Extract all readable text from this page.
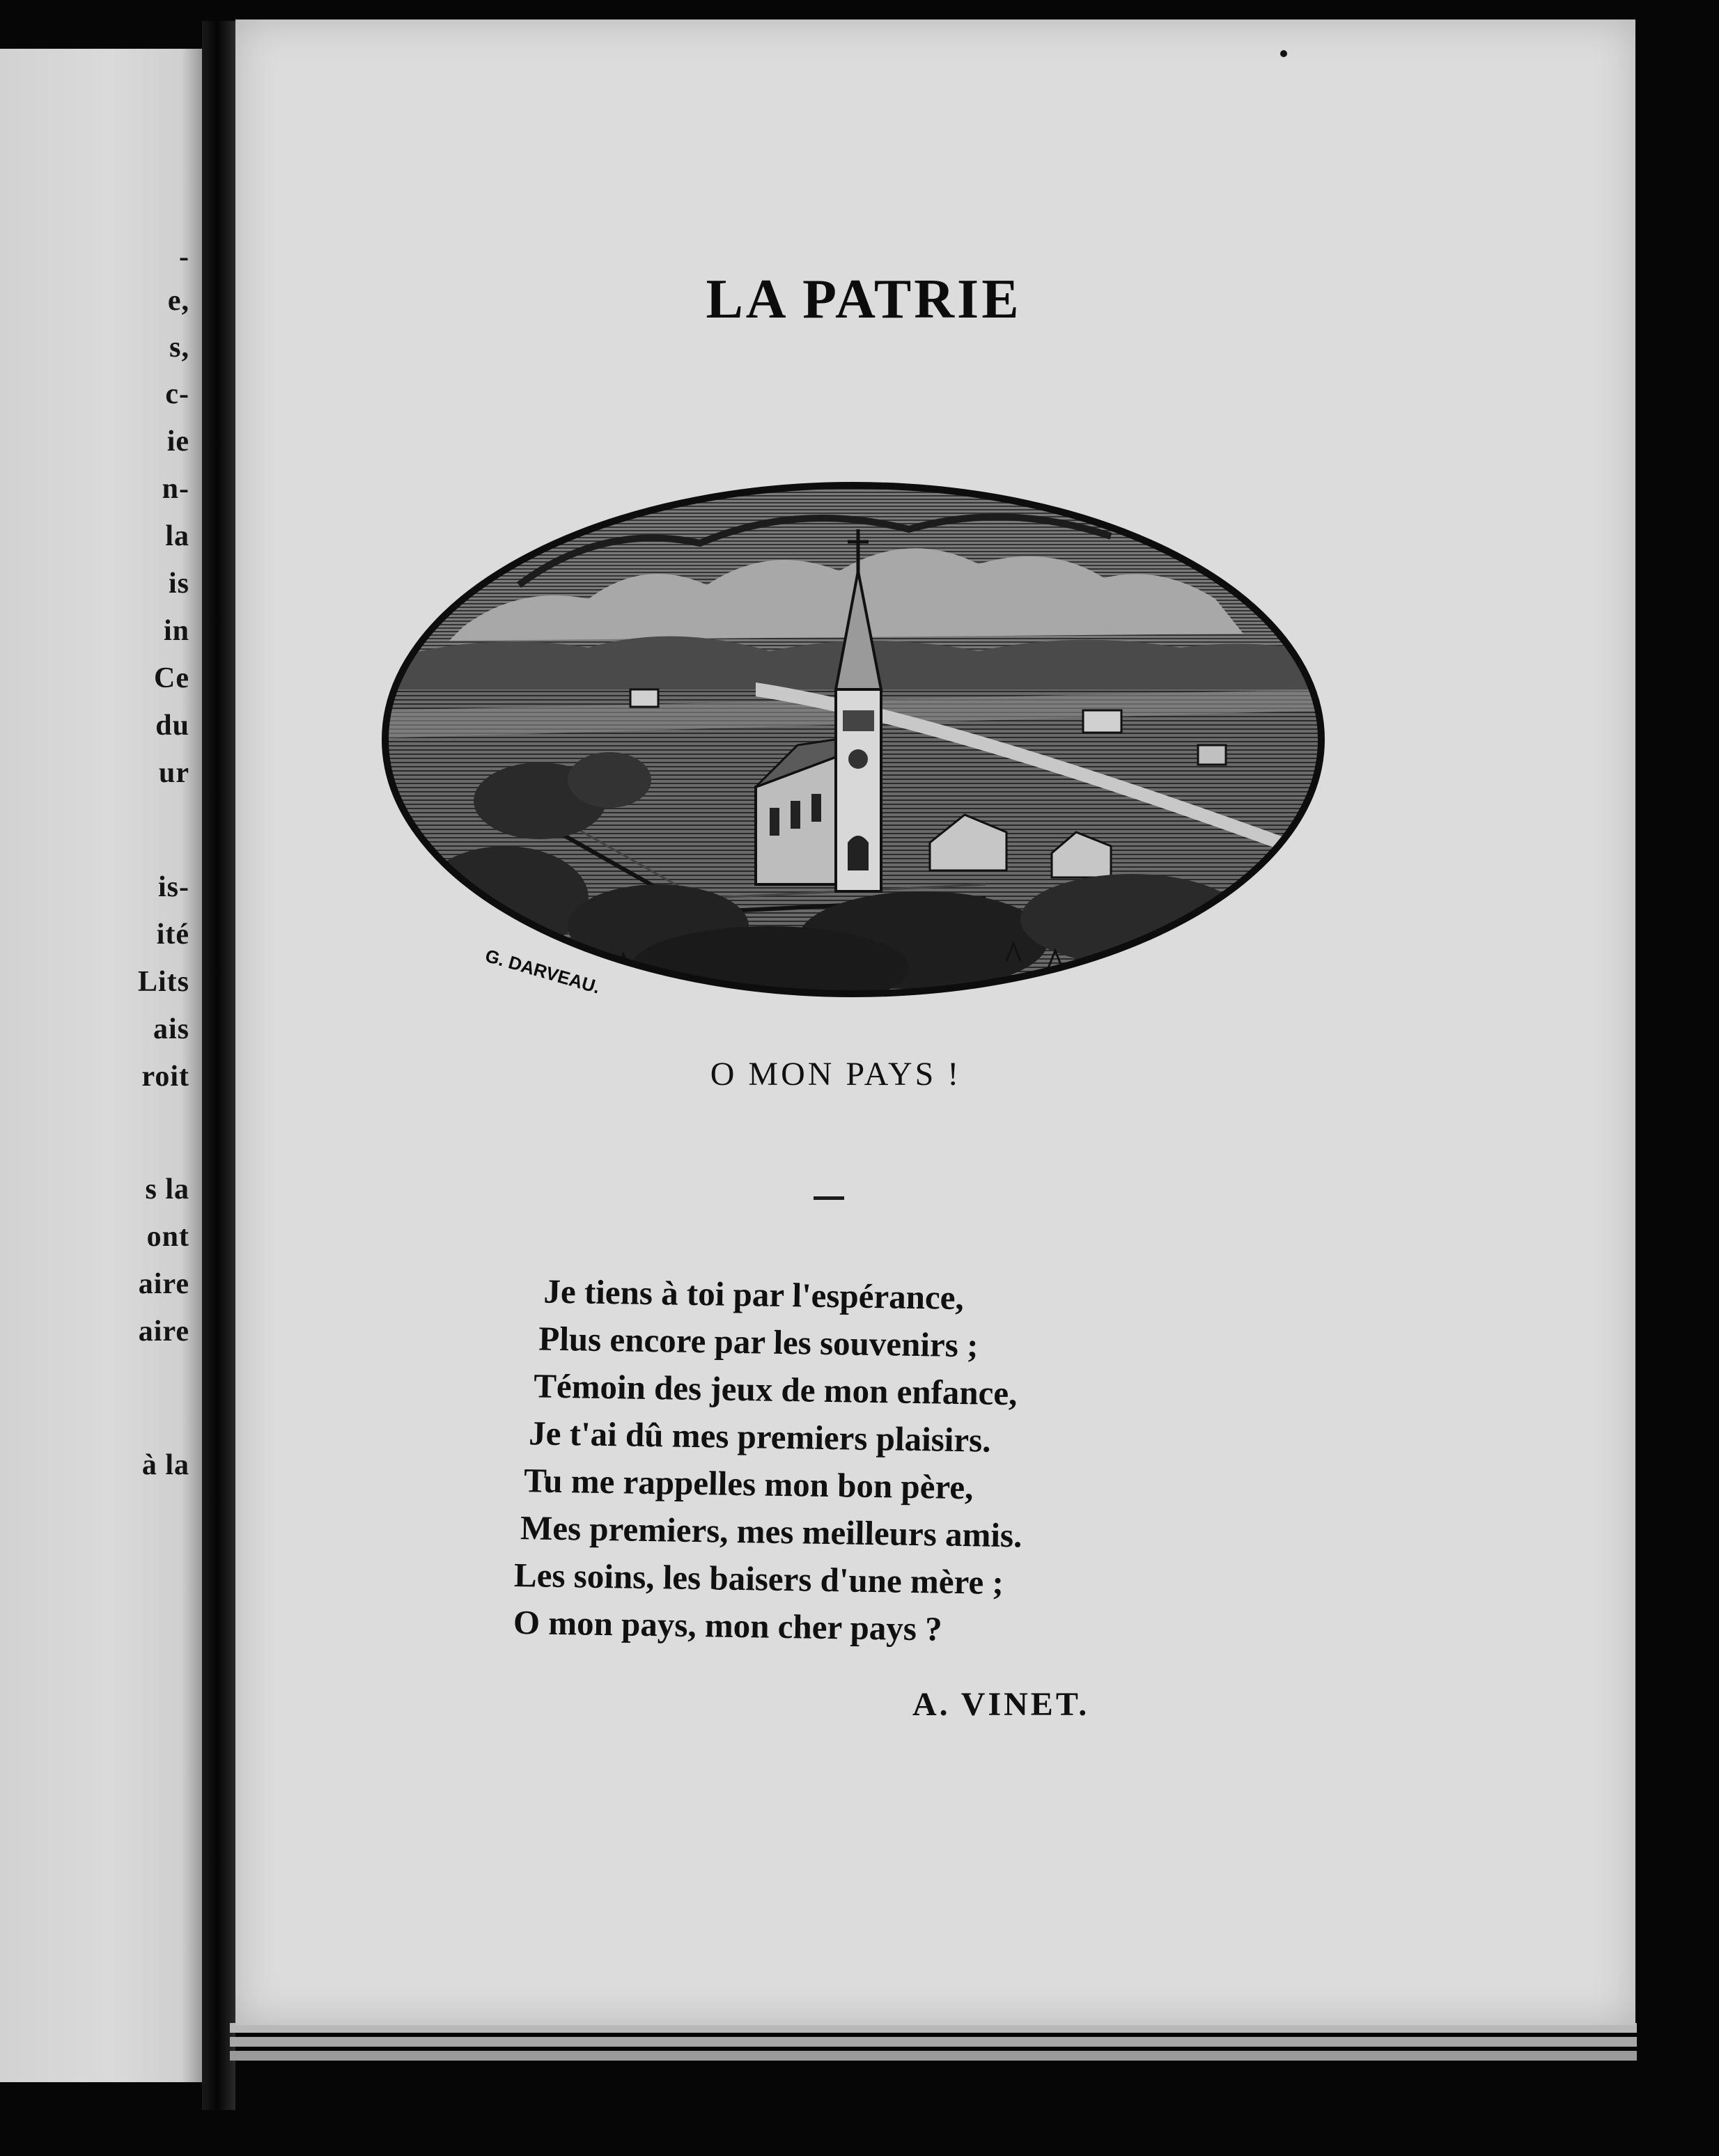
-
e,
s,
c-
ie
n-
la
is
in
Ce
du
ur
is-
ité
Lits
ais
roit
s la
ont
aire
aire
à la
LA PATRIE
G. DARVEAU.
O MON PAYS !
Je tiens à toi par l'espérance,
Plus encore par les souvenirs ;
Témoin des jeux de mon enfance,
Je t'ai dû mes premiers plaisirs.
Tu me rappelles mon bon père,
Mes premiers, mes meilleurs amis.
Les soins, les baisers d'une mère ;
O mon pays, mon cher pays ?
A. VINET.
